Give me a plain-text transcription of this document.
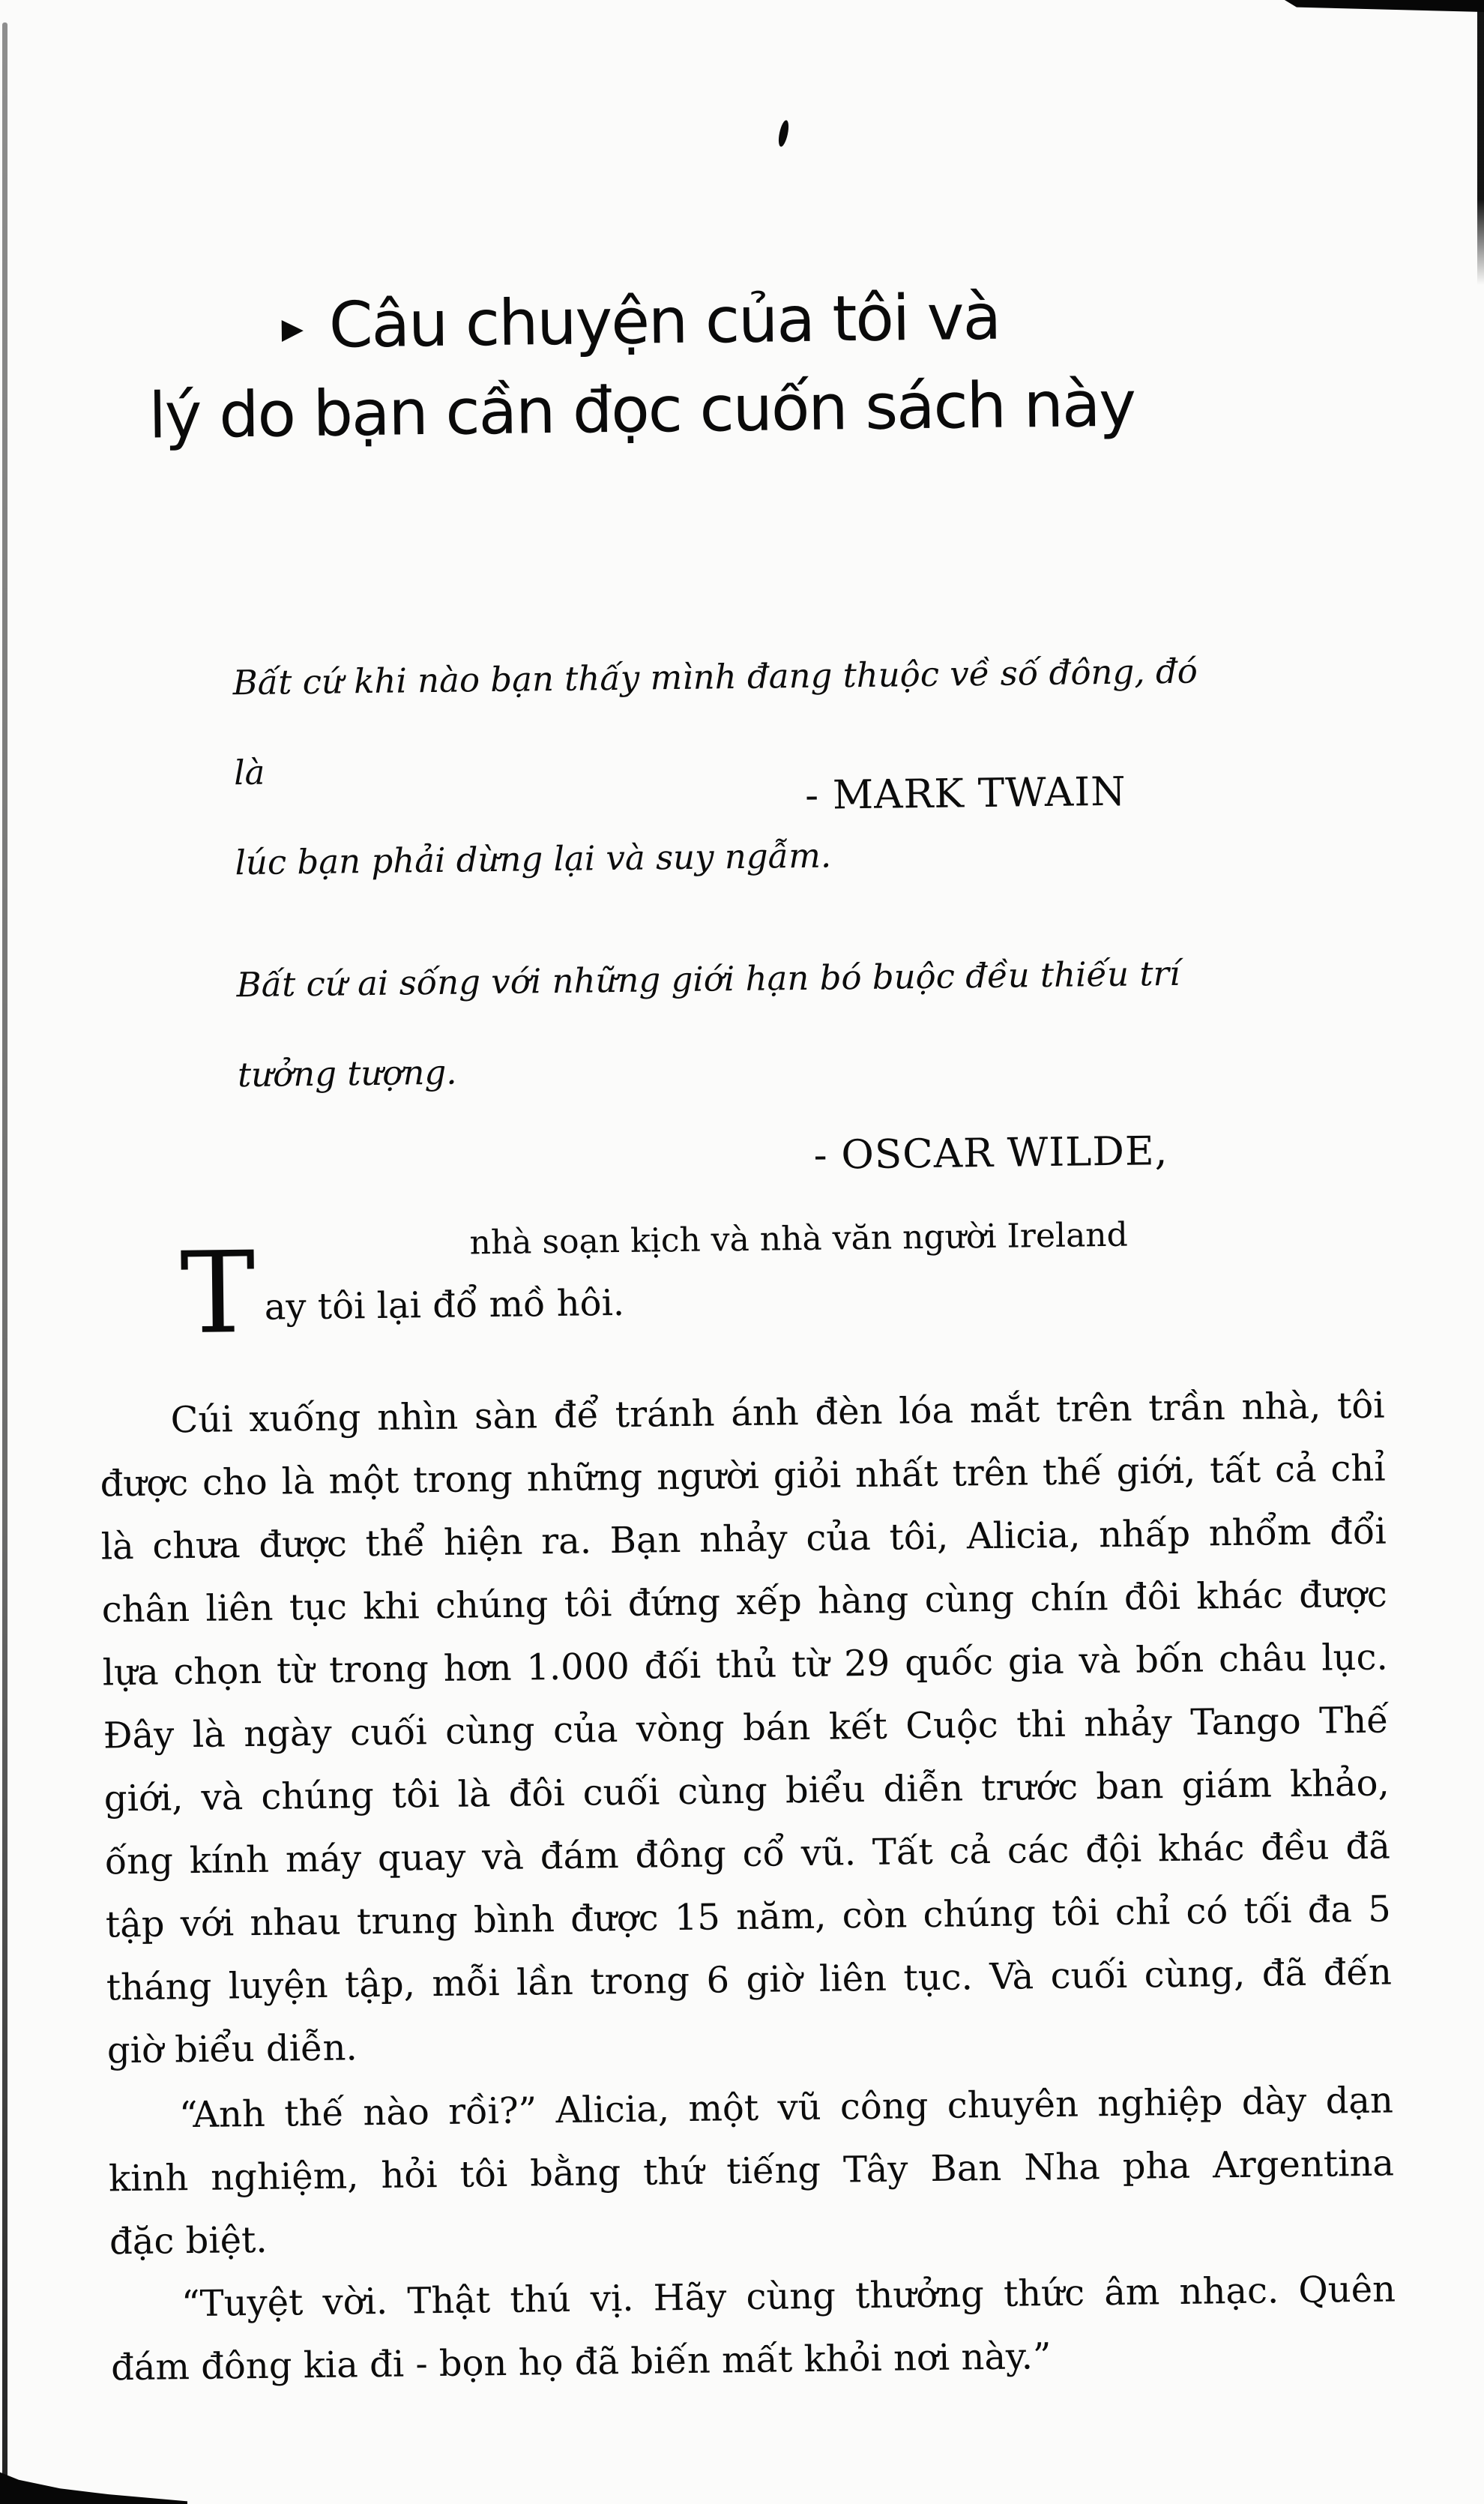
▶ Câu chuyện của tôi và
lý do bạn cần đọc cuốn sách này
Bất cứ khi nào bạn thấy mình đang thuộc về số đông, đó là
lúc bạn phải dừng lại và suy ngẫm.
- MARK TWAIN
Bất cứ ai sống với những giới hạn bó buộc đều thiếu trí
tưởng tượng.
- OSCAR WILDE,
nhà soạn kịch và nhà văn người Ireland
T ay tôi lại đổ mồ hôi.
Cúi xuống nhìn sàn để tránh ánh đèn lóa mắt trên trần nhà, tôi
được cho là một trong những người giỏi nhất trên thế giới, tất cả chỉ
là chưa được thể hiện ra. Bạn nhảy của tôi, Alicia, nhấp nhổm đổi
chân liên tục khi chúng tôi đứng xếp hàng cùng chín đôi khác được
lựa chọn từ trong hơn 1.000 đối thủ từ 29 quốc gia và bốn châu lục.
Đây là ngày cuối cùng của vòng bán kết Cuộc thi nhảy Tango Thế
giới, và chúng tôi là đôi cuối cùng biểu diễn trước ban giám khảo,
ống kính máy quay và đám đông cổ vũ. Tất cả các đội khác đều đã
tập với nhau trung bình được 15 năm, còn chúng tôi chỉ có tối đa 5
tháng luyện tập, mỗi lần trong 6 giờ liên tục. Và cuối cùng, đã đến
giờ biểu diễn.
“Anh thế nào rồi?” Alicia, một vũ công chuyên nghiệp dày dạn
kinh nghiệm, hỏi tôi bằng thứ tiếng Tây Ban Nha pha Argentina
đặc biệt.
“Tuyệt vời. Thật thú vị. Hãy cùng thưởng thức âm nhạc. Quên
đám đông kia đi - bọn họ đã biến mất khỏi nơi này.”
